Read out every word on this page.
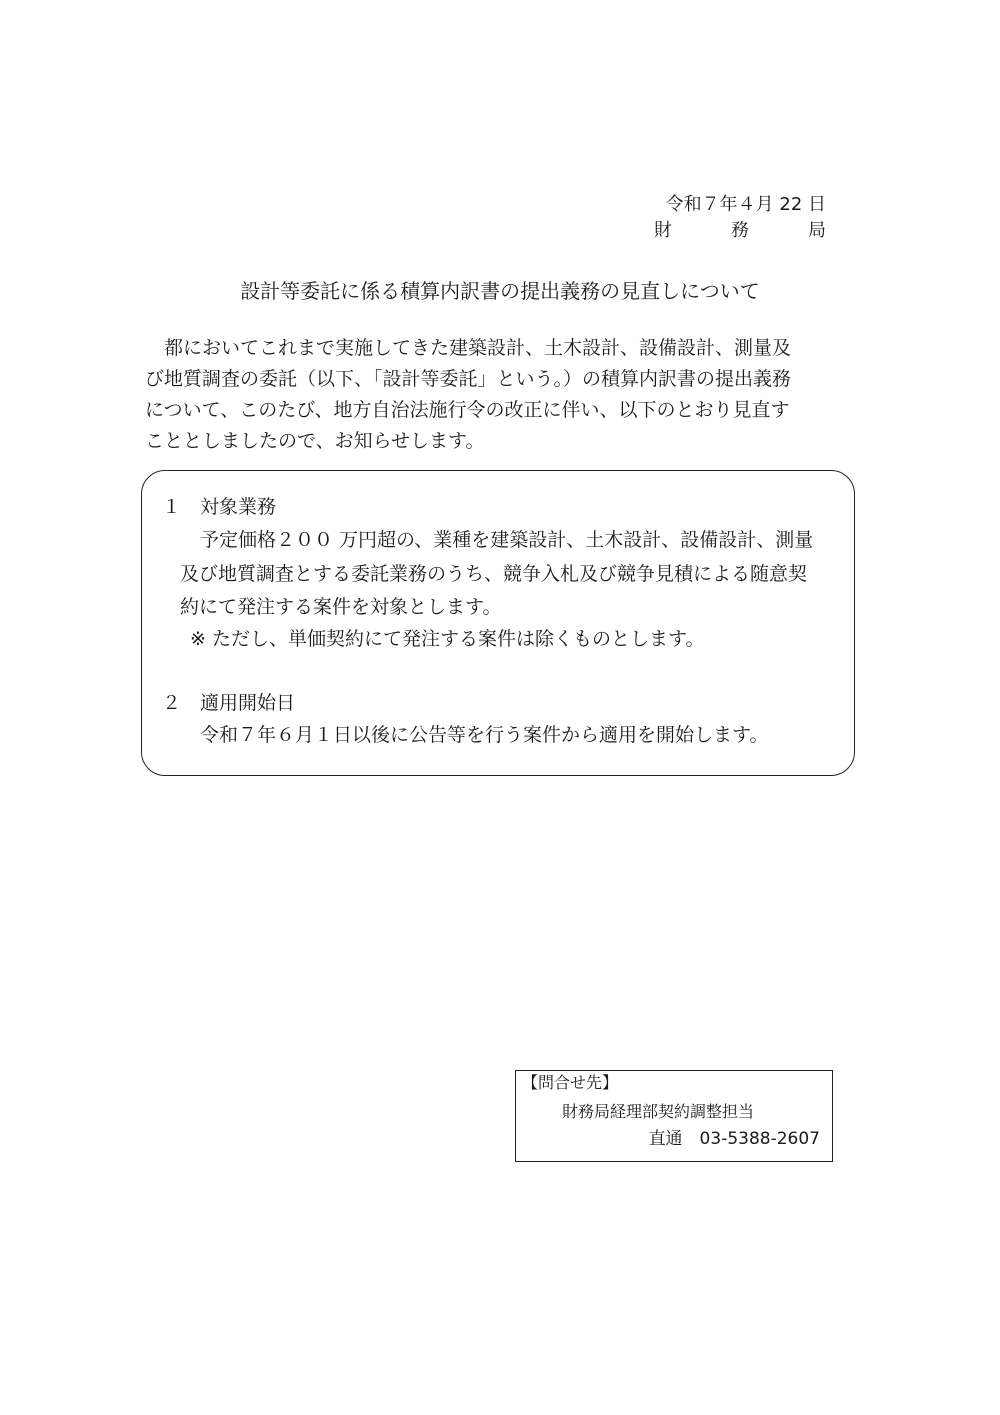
令和７年４月 22 日
財	務	局
設計等委託に係る積算内訳書の提出義務の見直しについて
都においてこれまで実施してきた建築設計、土木設計、設備設計、測量及
び地質調査の委託（以下、「設計等委託」という。）の積算内訳書の提出義務
について、このたび、地方自治法施行令の改正に伴い、以下のとおり見直す
こととしましたので、お知らせします。
１ 対象業務
予定価格２００ 万円超の、業種を建築設計、土木設計、設備設計、測量
及び地質調査とする委託業務のうち、競争入札及び競争見積による随意契
約にて発注する案件を対象とします。
※ ただし、単価契約にて発注する案件は除くものとします。
２ 適用開始日
令和７年６月１日以後に公告等を行う案件から適用を開始します。
【問合せ先】
財務局経理部契約調整担当
直通　03-5388-2607
